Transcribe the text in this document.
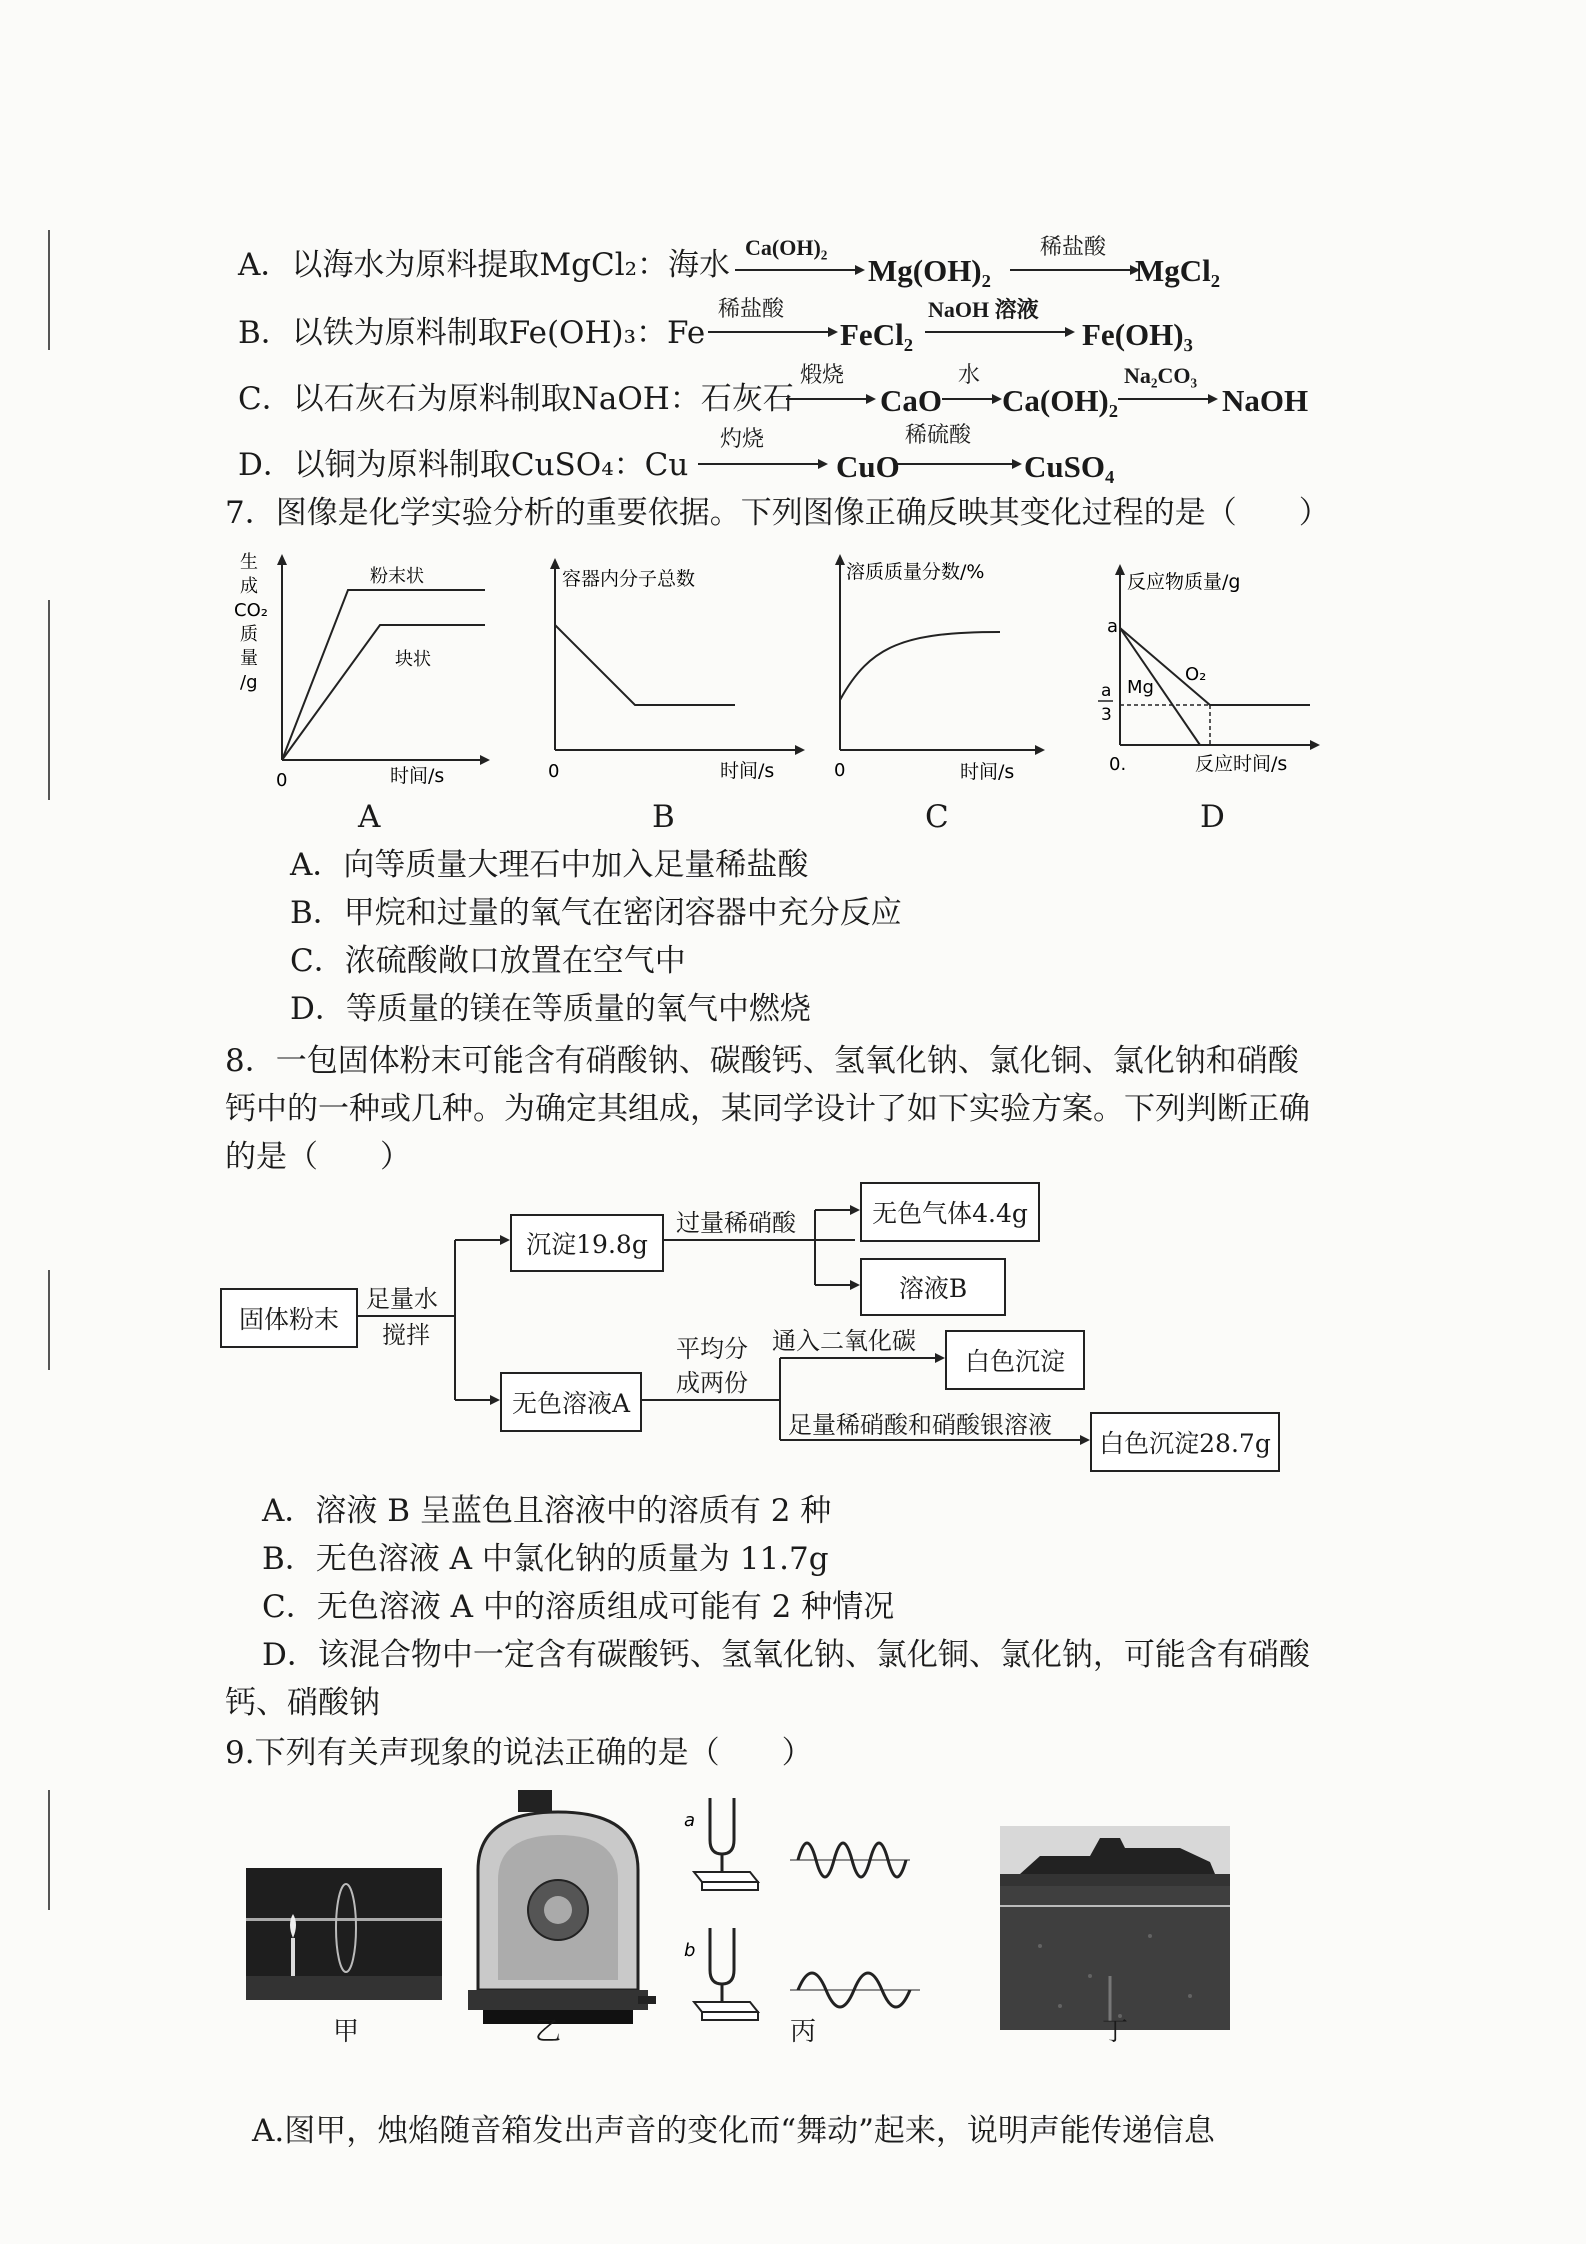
A．以海水为原料提取MgCl₂：海水 Ca(OH)₂
Mg(OH)₂
稀盐酸
MgCl₂
B．以铁为原料制取Fe(OH)₃：Fe
稀盐酸
FeCl₂
NaOH 溶液
Fe(OH)₃
C．以石灰石为原料制取NaOH：石灰石
煅烧
CaO
水
Ca(OH)₂
Na₂CO₃
NaOH
D．以铜为原料制取CuSO₄：Cu
灼烧
CuO
稀硫酸
CuSO₄
7．图像是化学实验分析的重要依据。下列图像正确反映其变化过程的是（　　）
生
成
CO₂
质
量
/g
0	时间/s
粉末状
块状
A
容器内分子总数
0	时间/s
B
溶质质量分数/%
0	时间/s
C
反应物质量/g
a
a
3
Mg
O₂
0.	反应时间/s
D
A．向等质量大理石中加入足量稀盐酸
B．甲烷和过量的氧气在密闭容器中充分反应
C．浓硫酸敞口放置在空气中
D．等质量的镁在等质量的氧气中燃烧
8．一包固体粉末可能含有硝酸钠、碳酸钙、氢氧化钠、氯化铜、氯化钠和硝酸
钙中的一种或几种。为确定其组成，某同学设计了如下实验方案。下列判断正确
的是（　　）
固体粉末
足量水
搅拌
沉淀19.8g
过量稀硝酸	无色气体4.4g
溶液B
无色溶液A
平均分
成两份
通入二氧化碳
白色沉淀
足量稀硝酸和硝酸银溶液
白色沉淀28.7g
A．溶液 B 呈蓝色且溶液中的溶质有 2 种
B．无色溶液 A 中氯化钠的质量为 11.7g
C．无色溶液 A 中的溶质组成可能有 2 种情况
D．该混合物中一定含有碳酸钙、氢氧化钠、氯化铜、氯化钠，可能含有硝酸
钙、硝酸钠
9.下列有关声现象的说法正确的是（　　）
甲	乙
a
b
丙	丁
A.图甲，烛焰随音箱发出声音的变化而“舞动”起来，说明声能传递信息
